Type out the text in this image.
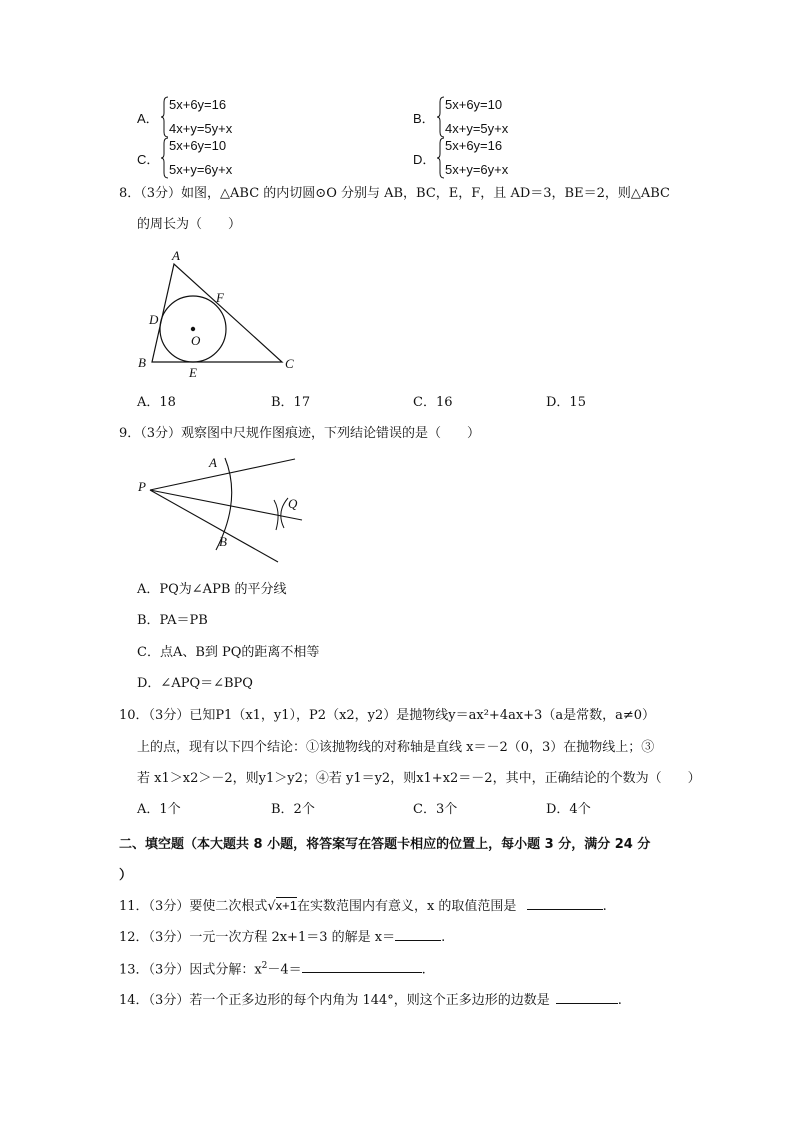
A．
5x+6y=16
4x+y=5y+x
B．
5x+6y=10
4x+y=5y+x
C．
5x+6y=10
5x+y=6y+x
D．
5x+6y=16
5x+y=6y+x
8．（3分）如图，△ABC 的内切圆⊙O 分别与 AB，BC，E，F，且 AD＝3，BE＝2，则△ABC
的周长为（　　）
A
B	C
D
E
F
O
A．18	B．17	C．16	D．15
9．（3分）观察图中尺规作图痕迹，下列结论错误的是（　　）
P
A
B
Q
A．PQ为∠APB 的平分线
B．PA＝PB
C．点A、B到 PQ的距离不相等
D．∠APQ＝∠BPQ
10．（3分）已知P1（x1，y1），P2（x2，y2）是抛物线y＝ax²+4ax+3（a是常数，a≠0）
上的点，现有以下四个结论：①该抛物线的对称轴是直线 x＝－2（0，3）在抛物线上；③
若 x1＞x2＞－2，则y1＞y2；④若 y1＝y2，则x1+x2＝－2，其中，正确结论的个数为（　　）
A．1个	B．2个	C．3个	D．4个
二、填空题（本大题共 8 小题，将答案写在答题卡相应的位置上，每小题 3 分，满分 24 分
）
11．（3分）要使二次根式√x+1在实数范围内有意义，x 的取值范围是	.
12．（3分）一元一次方程 2x+1＝3 的解是 x＝	.
13．（3分）因式分解：$x^2-4=$	.
14．（3分）若一个正多边形的每个内角为 144°，则这个正多边形的边数是	.
